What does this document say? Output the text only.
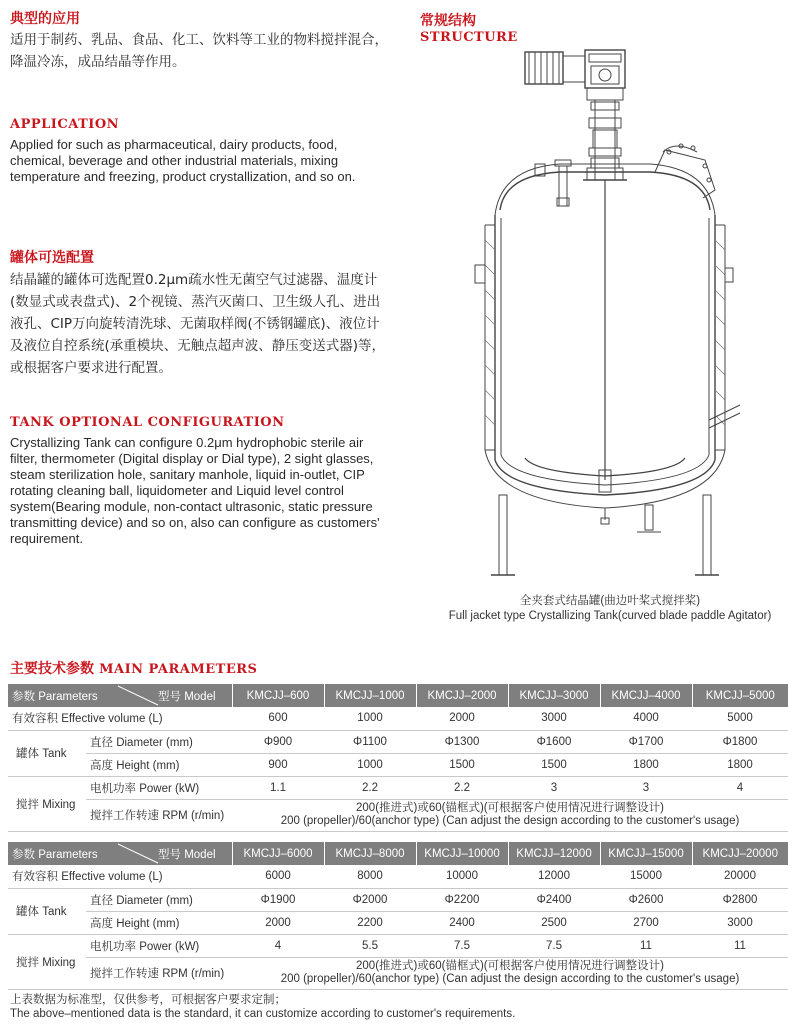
典型的应用
适用于制药、乳品、食品、化工、饮料等工业的物料搅拌混合，降温冷冻，成品结晶等作用。
APPLICATION
Applied for such as pharmaceutical, dairy products, food, chemical, beverage and other industrial materials, mixing temperature and freezing, product crystallization, and so on.
罐体可选配置
结晶罐的罐体可选配置0.2μm疏水性无菌空气过滤器、温度计(数显式或表盘式)、2个视镜、蒸汽灭菌口、卫生级人孔、进出液孔、CIP万向旋转清洗球、无菌取样阀(不锈钢罐底)、液位计及液位自控系统(承重模块、无触点超声波、静压变送式器)等，或根据客户要求进行配置。
TANK OPTIONAL CONFIGURATION
Crystallizing Tank can configure 0.2μm hydrophobic sterile air filter, thermometer (Digital display or Dial type), 2 sight glasses, steam sterilization hole, sanitary manhole, liquid in-outlet, CIP rotating cleaning ball, liquidometer and Liquid level control system(Bearing module, non-contact ultrasonic, static pressure transmitting device) and so on, also can configure as customers' requirement.
常规结构
STRUCTURE
全夹套式结晶罐(曲边叶桨式搅拌桨)
Full jacket type Crystallizing Tank(curved blade paddle Agitator)
主要技术参数 MAIN PARAMETERS
参数 Parameters 型号 Model		KMCJJ–600	KMCJJ–1000	KMCJJ–2000	KMCJJ–3000	KMCJJ–4000	KMCJJ–5000
有效容积 Effective volume (L)		600	1000	2000	3000	4000	5000
罐体 Tank	直径 Diameter (mm)	Φ900	Φ1100	Φ1300	Φ1600	Φ1700	Φ1800
	高度 Height (mm)	900	1000	1500	1500	1800	1800
搅拌 Mixing	电机功率 Power (kW)	1.1	2.2	2.2	3	3	4
	搅拌工作转速 RPM (r/min)	200(推进式)或60(锚框式)(可根据客户使用情况进行调整设计)
200 (propeller)/60(anchor type) (Can adjust the design according to the customer's usage)					
参数 Parameters 型号 Model		KMCJJ–6000	KMCJJ–8000	KMCJJ–10000	KMCJJ–12000	KMCJJ–15000	KMCJJ–20000
有效容积 Effective volume (L)		6000	8000	10000	12000	15000	20000
罐体 Tank	直径 Diameter (mm)	Φ1900	Φ2000	Φ2200	Φ2400	Φ2600	Φ2800
	高度 Height (mm)	2000	2200	2400	2500	2700	3000
搅拌 Mixing	电机功率 Power (kW)	4	5.5	7.5	7.5	11	11
	搅拌工作转速 RPM (r/min)	200(推进式)或60(锚框式)(可根据客户使用情况进行调整设计)
200 (propeller)/60(anchor type) (Can adjust the design according to the customer's usage)					
上表数据为标准型，仅供参考，可根据客户要求定制；
The above–mentioned data is the standard, it can customize according to customer's requirements.
